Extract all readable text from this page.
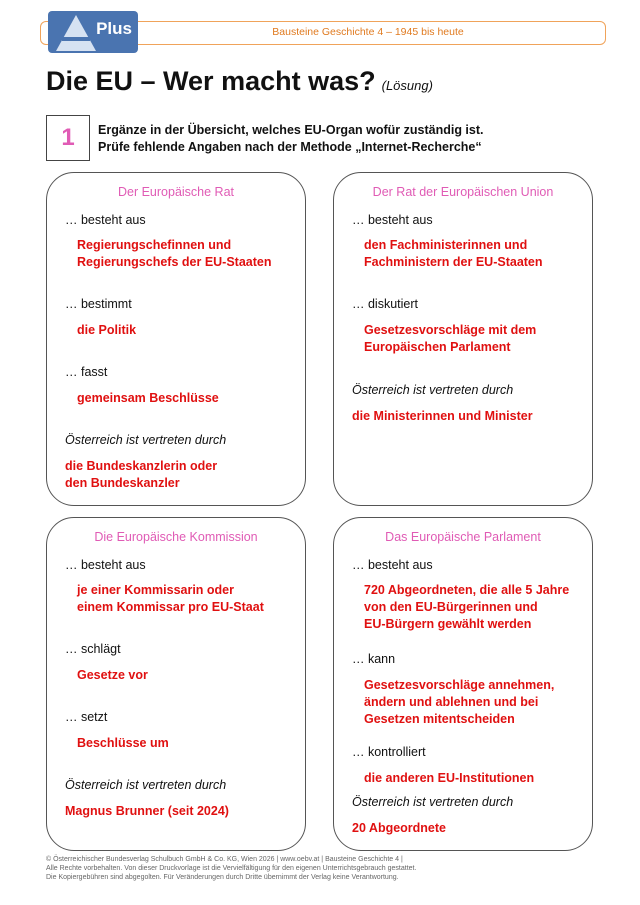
Bausteine Geschichte 4 – 1945 bis heute
Plus
Die EU – Wer macht was? (Lösung)
1	Ergänze in der Übersicht, welches EU-Organ wofür zuständig ist.
Prüfe fehlende Angaben nach der Methode „Internet-Recherche“
Der Europäische Rat
… besteht aus
Regierungschefinnen und
Regierungschefs der EU-Staaten
… bestimmt
die Politik
… fasst
gemeinsam Beschlüsse
Österreich ist vertreten durch
die Bundeskanzlerin oder
den Bundeskanzler
Der Rat der Europäischen Union
… besteht aus
den Fachministerinnen und
Fachministern der EU-Staaten
… diskutiert
Gesetzesvorschläge mit dem
Europäischen Parlament
Österreich ist vertreten durch
die Ministerinnen und Minister
Die Europäische Kommission
… besteht aus
je einer Kommissarin oder
einem Kommissar pro EU-Staat
… schlägt
Gesetze vor
… setzt
Beschlüsse um
Österreich ist vertreten durch
Magnus Brunner (seit 2024)
Das Europäische Parlament
… besteht aus
720 Abgeordneten, die alle 5 Jahre
von den EU-Bürgerinnen und
EU-Bürgern gewählt werden
… kann
Gesetzesvorschläge annehmen,
ändern und ablehnen und bei
Gesetzen mitentscheiden
… kontrolliert
die anderen EU-Institutionen
Österreich ist vertreten durch
20 Abgeordnete
© Österreichischer Bundesverlag Schulbuch GmbH & Co. KG, Wien 2026 | www.oebv.at | Bausteine Geschichte 4 |
Alle Rechte vorbehalten. Von dieser Druckvorlage ist die Vervielfältigung für den eigenen Unterrichtsgebrauch gestattet.
Die Kopiergebühren sind abgegolten. Für Veränderungen durch Dritte übernimmt der Verlag keine Verantwortung.
